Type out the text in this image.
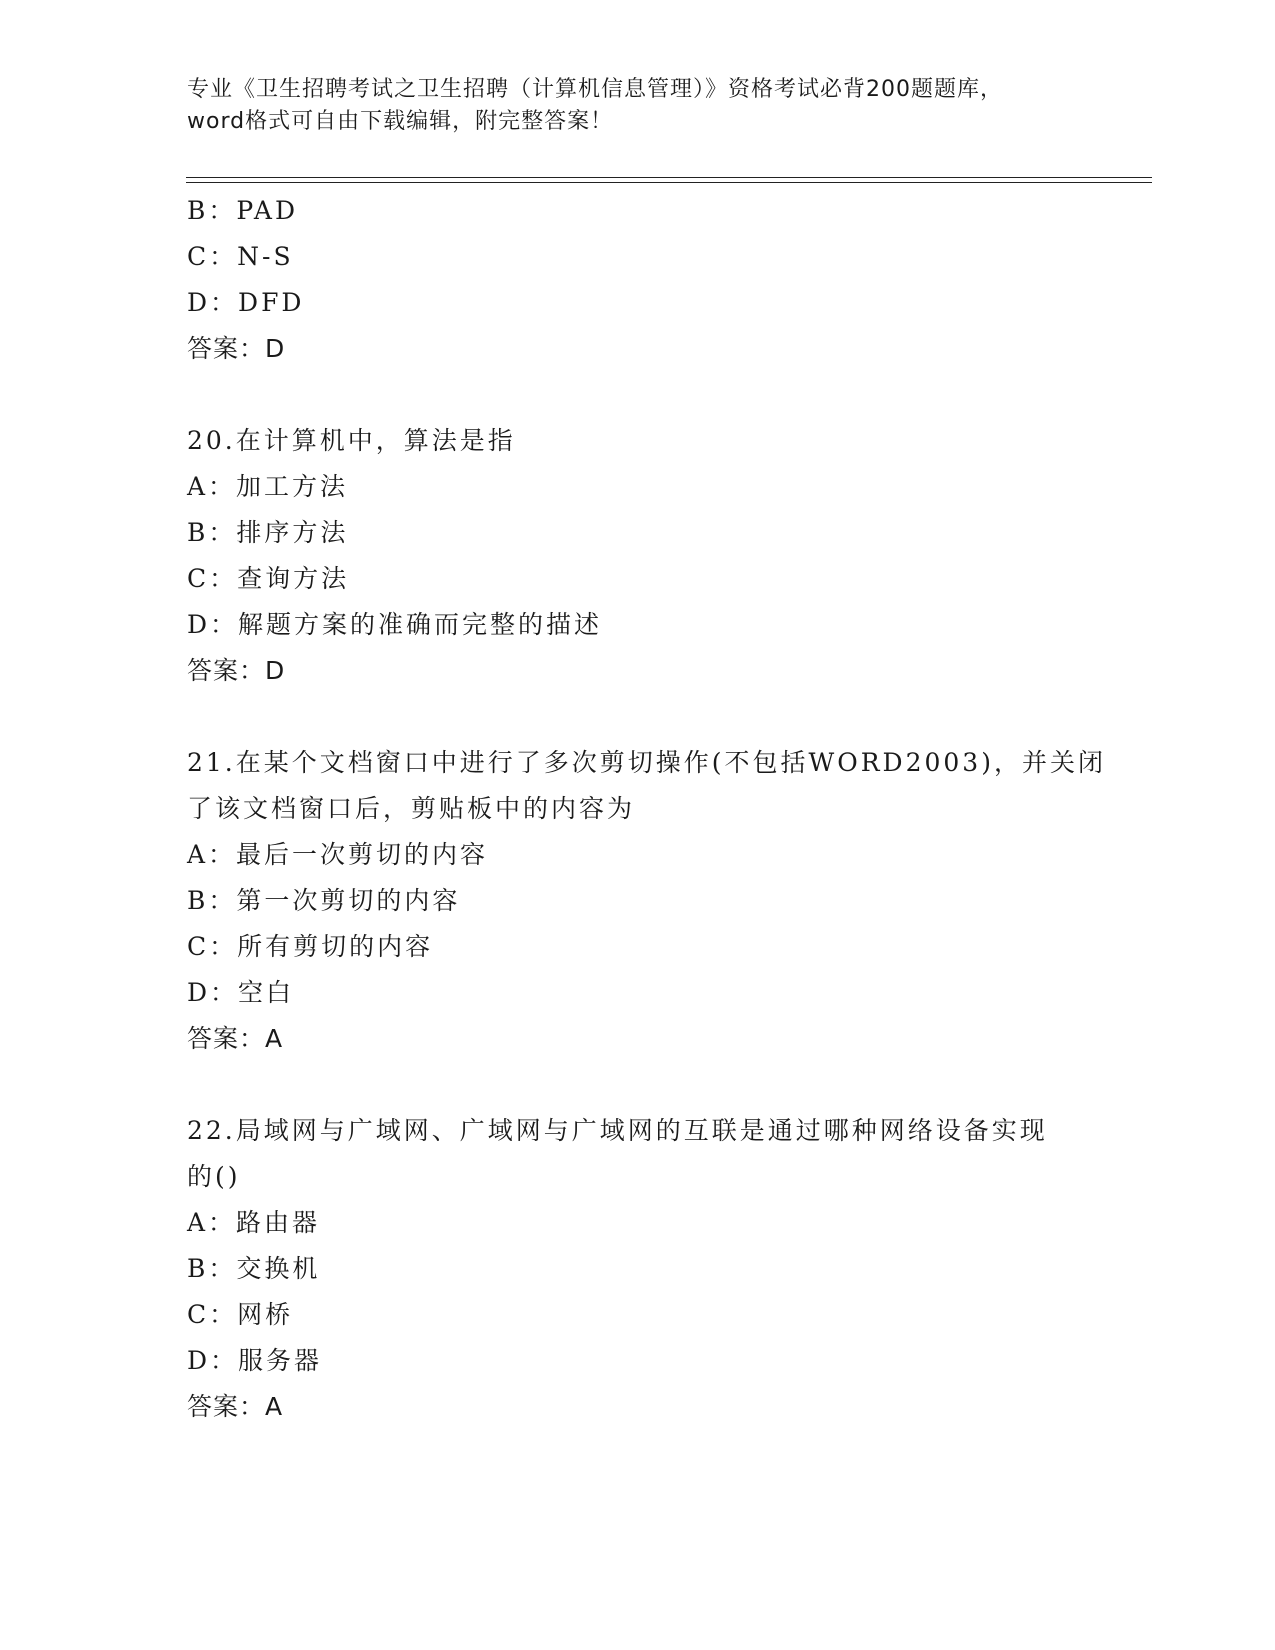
专业《卫生招聘考试之卫生招聘（计算机信息管理）》资格考试必背200题题库，
word格式可自由下载编辑，附完整答案！
B：PAD
C：N-S
D：DFD
答案：D
20.在计算机中，算法是指
A：加工方法
B：排序方法
C：查询方法
D：解题方案的准确而完整的描述
答案：D
21.在某个文档窗口中进行了多次剪切操作(不包括WORD2003)，并关闭
了该文档窗口后，剪贴板中的内容为
A：最后一次剪切的内容
B：第一次剪切的内容
C：所有剪切的内容
D：空白
答案：A
22.局域网与广域网、广域网与广域网的互联是通过哪种网络设备实现
的()
A：路由器
B：交换机
C：网桥
D：服务器
答案：A
